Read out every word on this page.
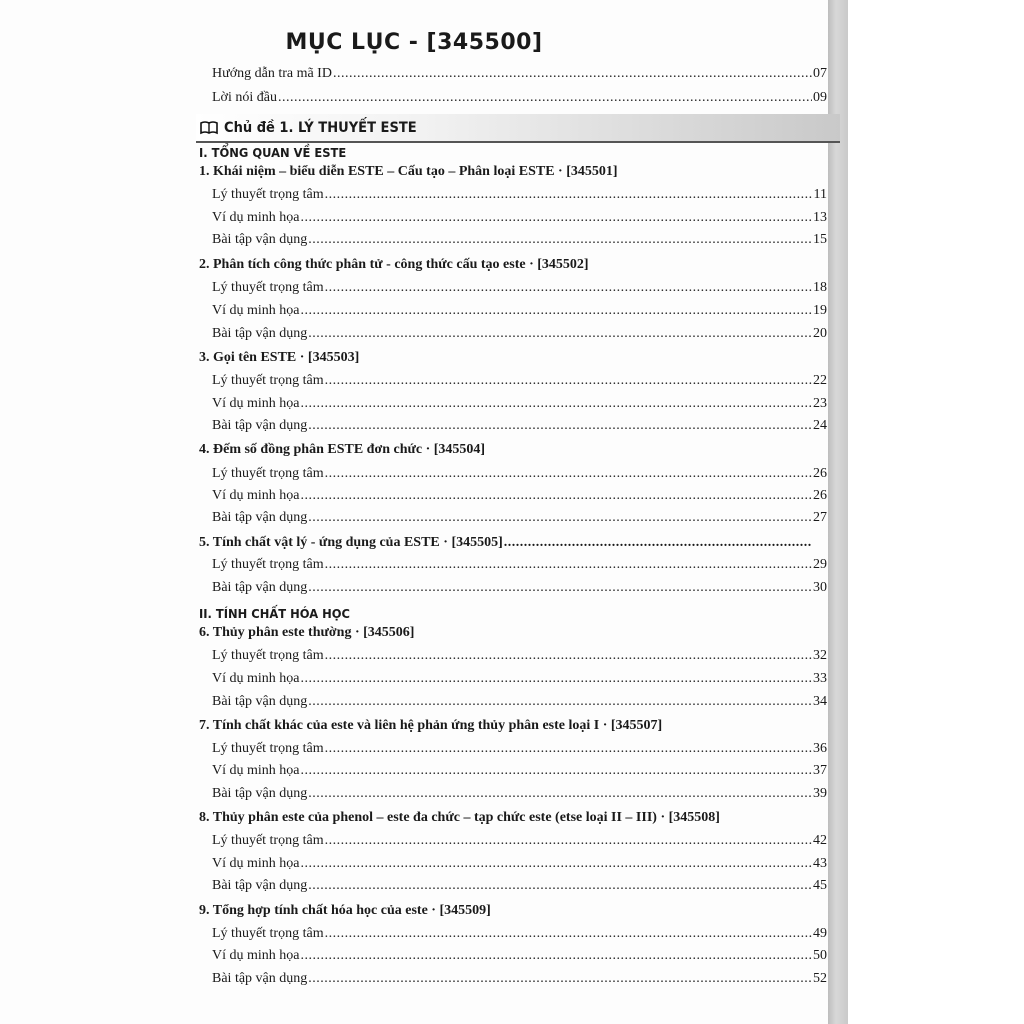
MỤC LỤC - [345500]
Hướng dẫn tra mã ID .....	07
Lời nói đầu .....	09
Chủ đề 1. LÝ THUYẾT ESTE
I. TỔNG QUAN VỀ ESTE
II. TÍNH CHẤT HÓA HỌC
1. Khái niệm – biểu diễn ESTE – Cấu tạo – Phân loại ESTE · [345501]
Lý thuyết trọng tâm .....	11
Ví dụ minh họa .....	13
Bài tập vận dụng .....	15
2. Phân tích công thức phân tử - công thức cấu tạo este · [345502]
Lý thuyết trọng tâm .....	18
Ví dụ minh họa .....	19
Bài tập vận dụng .....	20
3. Gọi tên ESTE · [345503]
Lý thuyết trọng tâm .....	22
Ví dụ minh họa .....	23
Bài tập vận dụng .....	24
4. Đếm số đồng phân ESTE đơn chức · [345504]
Lý thuyết trọng tâm .....	26
Ví dụ minh họa .....	26
Bài tập vận dụng .....	27
5. Tính chất vật lý - ứng dụng của ESTE · [345505]
.....
Lý thuyết trọng tâm .....	29
Bài tập vận dụng .....	30
6. Thủy phân este thường · [345506]
Lý thuyết trọng tâm .....	32
Ví dụ minh họa .....	33
Bài tập vận dụng .....	34
7. Tính chất khác của este và liên hệ phản ứng thủy phân este loại I · [345507]
Lý thuyết trọng tâm .....	36
Ví dụ minh họa .....	37
Bài tập vận dụng .....	39
8. Thủy phân este của phenol – este đa chức – tạp chức este (etse loại II – III) · [345508]
Lý thuyết trọng tâm .....	42
Ví dụ minh họa .....	43
Bài tập vận dụng .....	45
9. Tổng hợp tính chất hóa học của este · [345509]
Lý thuyết trọng tâm .....	49
Ví dụ minh họa .....	50
Bài tập vận dụng .....	52
